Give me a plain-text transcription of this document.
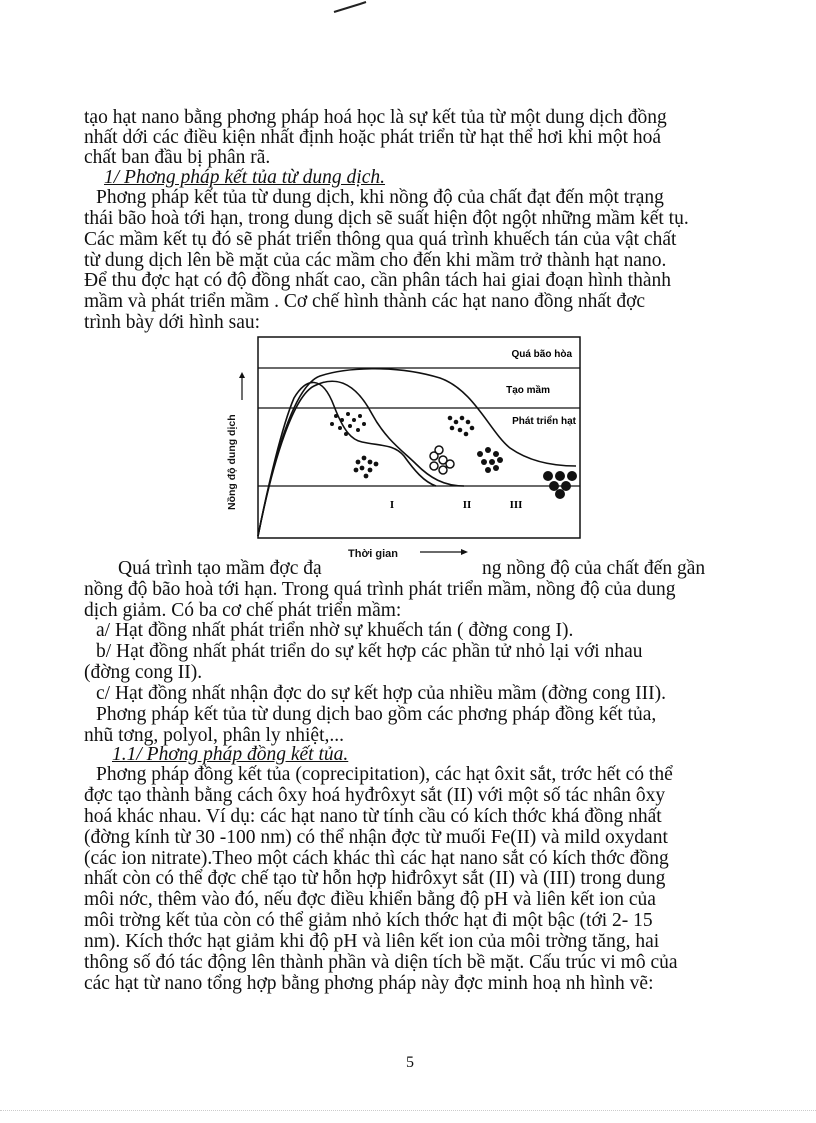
tạo hạt nano bằng phơng pháp hoá học là sự kết tủa từ một dung dịch đồng
nhất dới các điều kiện nhất định hoặc phát triển từ hạt thể hơi khi một hoá
chất ban đầu bị phân rã.
1/ Phơng pháp kết tủa từ dung dịch.
Phơng pháp kết tủa từ dung dịch, khi nồng độ của chất đạt đến một trạng
thái bão hoà tới hạn, trong dung dịch sẽ suất hiện đột ngột những mầm kết tụ.
Các mầm kết tụ đó sẽ phát triển thông qua quá trình khuếch tán của vật chất
từ dung dịch lên bề mặt của các mầm cho đến khi mầm trở thành hạt nano.
Để thu đợc hạt có độ đồng nhất cao, cần phân tách hai giai đoạn hình thành
mầm và phát triển mầm . Cơ chế hình thành các hạt nano đồng nhất đợc
trình bày dới hình sau:
Quá bão hòa
Tạo mầm
Phát triển hạt
I	II	III
Nồng độ dung dịch
Quá trình tạo mầm đợc đạ
Thời gian
ng nồng độ của chất đến gần
nồng độ bão hoà tới hạn. Trong quá trình phát triển mầm, nồng độ của dung
dịch giảm. Có ba cơ chế phát triển mầm:
a/ Hạt đồng nhất phát triển nhờ sự khuếch tán ( đờng cong I).
b/ Hạt đồng nhất phát triển do sự kết hợp các phần tử nhỏ lại với nhau
(đờng cong II).
c/ Hạt đồng nhất nhận đợc do sự kết hợp của nhiều mầm (đờng cong III).
Phơng pháp kết tủa từ dung dịch bao gồm các phơng pháp đồng kết tủa,
nhũ tơng, polyol, phân ly nhiệt,...
1.1/ Phơng pháp đồng kết tủa.
Phơng pháp đồng kết tủa (coprecipitation), các hạt ôxit sắt, trớc hết có thể
đợc tạo thành bằng cách ôxy hoá hyđrôxyt sắt (II) với một số tác nhân ôxy
hoá khác nhau. Ví dụ: các hạt nano từ tính cầu có kích thớc khá đồng nhất
(đờng kính từ 30 -100 nm) có thể nhận đợc từ muối Fe(II) và mild oxydant
(các ion nitrate).Theo một cách khác thì các hạt nano sắt có kích thớc đồng
nhất còn có thể đợc chế tạo từ hỗn hợp hiđrôxyt sắt (II) và (III) trong dung
môi nớc, thêm vào đó, nếu đợc điều khiển bằng độ pH và liên kết ion của
môi trờng kết tủa còn có thể giảm nhỏ kích thớc hạt đi một bậc (tới 2- 15
nm). Kích thớc hạt giảm khi độ pH và liên kết ion của môi trờng tăng, hai
thông số đó tác động lên thành phần và diện tích bề mặt. Cấu trúc vi mô của
các hạt từ nano tổng hợp bằng phơng pháp này đợc minh hoạ nh hình vẽ:
5
